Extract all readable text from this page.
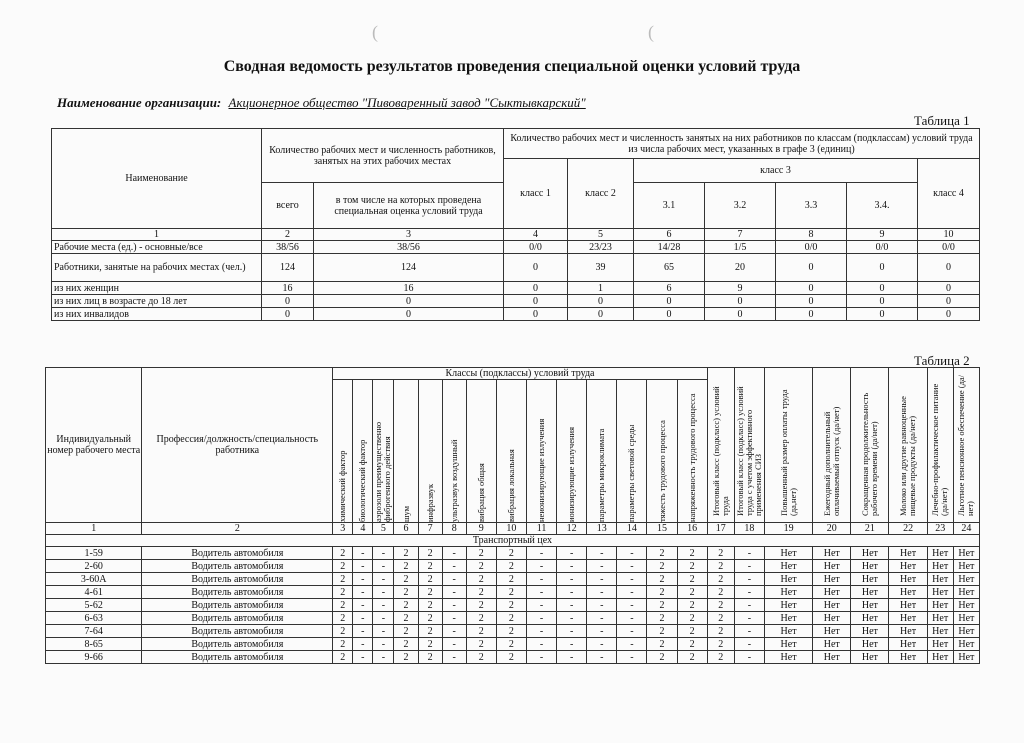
(	(
Сводная ведомость результатов проведения специальной оценки условий труда
Наименование организации: Акционерное общество "Пивоваренный завод "Сыктывкарский"
Таблица 1
Наименование	Количество рабочих мест и численность работников, занятых на этих рабочих местах		Количество рабочих мест и численность занятых на них работников по классам (подклассам) условий труда из числа рабочих мест, указанных в графе 3 (единиц)						
			класс 1	класс 2	класс 3				класс 4
	всего	в том числе на которых проведена специальная оценка условий труда			3.1	3.2	3.3	3.4.	
1	2	3	4	5	6	7	8	9	10
Рабочие места (ед.) - основные/все	38/56	38/56	0/0	23/23	14/28	1/5	0/0	0/0	0/0
Работники, занятые на рабочих местах (чел.)	124	124	0	39	65	20	0	0	0
из них женщин	16	16	0	1	6	9	0	0	0
из них лиц в возрасте до 18 лет	0	0	0	0	0	0	0	0	0
из них инвалидов	0	0	0	0	0	0	0	0	0
Таблица 2
Индивидуальный номер рабочего места	Профессия/должность/специальность работника	Классы (подклассы) условий труда														Итоговый класс (подкласс) условий труда	Итоговый класс (подкласс) условий труда с учетом эффективного применения СИЗ	Повышенный размер оплаты труда (да,нет)	Ежегодный дополнительный оплачиваемый отпуск (да/нет)	Сокращенная продолжительность рабочего времени (да/нет)	Молоко или другие равноценные пищевые продукты (да/нет)	Лечебно-профилактическое питание (да/нет)	Льготное пенсионное обеспечение (да/нет)

		химический фактор	биологический фактор	аэрозоли преимущественно фиброгенного действия	шум	инфразвук	ультразвук воздушный	вибрация общая	вибрация локальная	неионизирующие излучения	ионизирующие излучения	параметры микроклимата	параметры световой среды	тяжесть трудового процесса	напряженность трудового процесса								

1	2	3	4	5	6	7	8	9	10	11	12	13	14	15	16	17	18	19	20	21	22	23	24
Транспортный цех																							
1-59	Водитель автомобиля	2	-	-	2	2	-	2	2	-	-	-	-	2	2	2	-	Нет	Нет	Нет	Нет	Нет	Нет
2-60	Водитель автомобиля	2	-	-	2	2	-	2	2	-	-	-	-	2	2	2	-	Нет	Нет	Нет	Нет	Нет	Нет
3-60А	Водитель автомобиля	2	-	-	2	2	-	2	2	-	-	-	-	2	2	2	-	Нет	Нет	Нет	Нет	Нет	Нет
4-61	Водитель автомобиля	2	-	-	2	2	-	2	2	-	-	-	-	2	2	2	-	Нет	Нет	Нет	Нет	Нет	Нет
5-62	Водитель автомобиля	2	-	-	2	2	-	2	2	-	-	-	-	2	2	2	-	Нет	Нет	Нет	Нет	Нет	Нет
6-63	Водитель автомобиля	2	-	-	2	2	-	2	2	-	-	-	-	2	2	2	-	Нет	Нет	Нет	Нет	Нет	Нет
7-64	Водитель автомобиля	2	-	-	2	2	-	2	2	-	-	-	-	2	2	2	-	Нет	Нет	Нет	Нет	Нет	Нет
8-65	Водитель автомобиля	2	-	-	2	2	-	2	2	-	-	-	-	2	2	2	-	Нет	Нет	Нет	Нет	Нет	Нет
9-66	Водитель автомобиля	2	-	-	2	2	-	2	2	-	-	-	-	2	2	2	-	Нет	Нет	Нет	Нет	Нет	Нет
